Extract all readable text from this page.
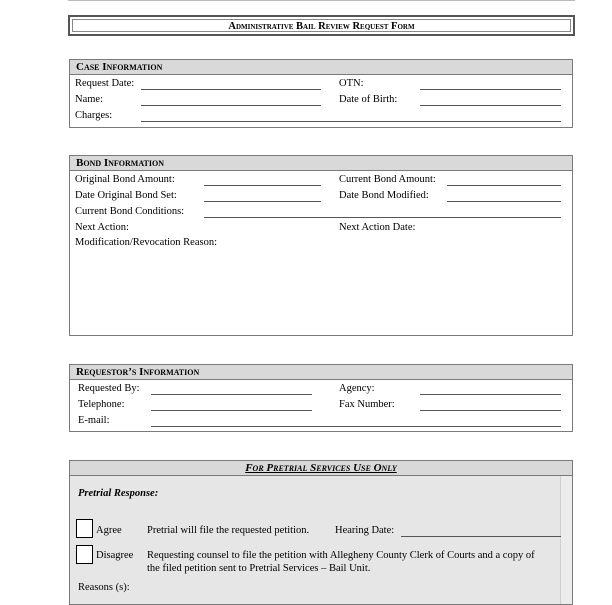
Administrative Bail Review Request Form
Case Information
Request Date:	OTN:
Name:	Date of Birth:
Charges:
Bond Information
Original Bond Amount:	Current Bond Amount:
Date Original Bond Set:	Date Bond Modified:
Current Bond Conditions:
Next Action:	Next Action Date:
Modification/Revocation Reason:
Requestor’s Information
Requested By:	Agency:
Telephone:	Fax Number:
E-mail:
For Pretrial Services Use Only
Pretrial Response:
Agree Pretrial will file the requested petition. Hearing Date:
Disagree Requesting counsel to file the petition with Allegheny County Clerk of Courts and a copy of
the filed petition sent to Pretrial Services – Bail Unit.
Reasons (s):
